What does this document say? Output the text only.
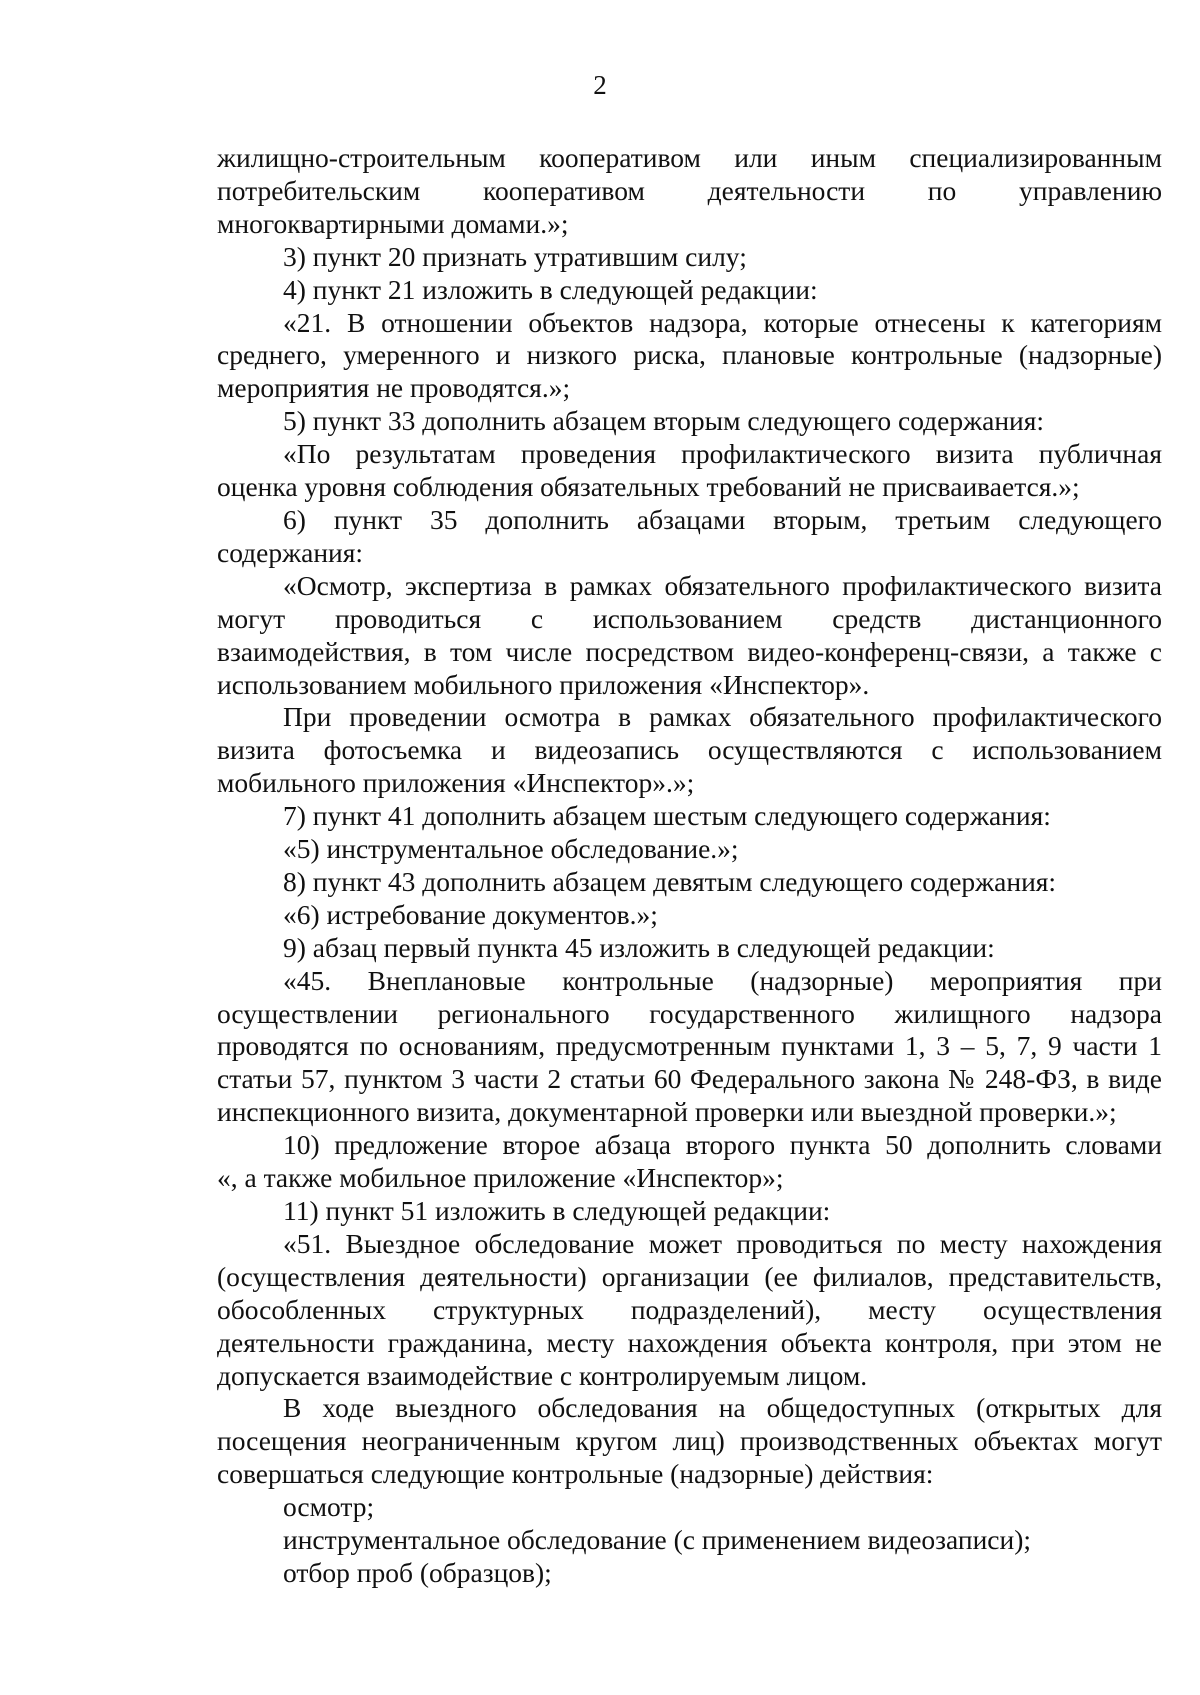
2

жилищно-строительным кооперативом или иным специализированным

потребительским кооперативом деятельности по управлению

многоквартирными домами.»;

3) пункт 20 признать утратившим силу;

4) пункт 21 изложить в следующей редакции:

«21. В отношении объектов надзора, которые отнесены к категориям

среднего, умеренного и низкого риска, плановые контрольные (надзорные)

мероприятия не проводятся.»;

5) пункт 33 дополнить абзацем вторым следующего содержания:

«По результатам проведения профилактического визита публичная

оценка уровня соблюдения обязательных требований не присваивается.»;

6) пункт 35 дополнить абзацами вторым, третьим следующего

содержания:

«Осмотр, экспертиза в рамках обязательного профилактического визита

могут проводиться с использованием средств дистанционного

взаимодействия, в том числе посредством видео-конференц-связи, а также с

использованием мобильного приложения «Инспектор».

При проведении осмотра в рамках обязательного профилактического

визита фотосъемка и видеозапись осуществляются с использованием

мобильного приложения «Инспектор».»;

7) пункт 41 дополнить абзацем шестым следующего содержания:

«5) инструментальное обследование.»;

8) пункт 43 дополнить абзацем девятым следующего содержания:

«6) истребование документов.»;

9) абзац первый пункта 45 изложить в следующей редакции:

«45. Внеплановые контрольные (надзорные) мероприятия при

осуществлении регионального государственного жилищного надзора

проводятся по основаниям, предусмотренным пунктами 1, 3 – 5, 7, 9 части 1

статьи 57, пунктом 3 части 2 статьи 60 Федерального закона № 248-ФЗ, в виде

инспекционного визита, документарной проверки или выездной проверки.»;

10) предложение второе абзаца второго пункта 50 дополнить словами

«, а также мобильное приложение «Инспектор»;

11) пункт 51 изложить в следующей редакции:

«51. Выездное обследование может проводиться по месту нахождения

(осуществления деятельности) организации (ее филиалов, представительств,

обособленных структурных подразделений), месту осуществления

деятельности гражданина, месту нахождения объекта контроля, при этом не

допускается взаимодействие с контролируемым лицом.

В ходе выездного обследования на общедоступных (открытых для

посещения неограниченным кругом лиц) производственных объектах могут

совершаться следующие контрольные (надзорные) действия:

осмотр;

инструментальное обследование (с применением видеозаписи);

отбор проб (образцов);
